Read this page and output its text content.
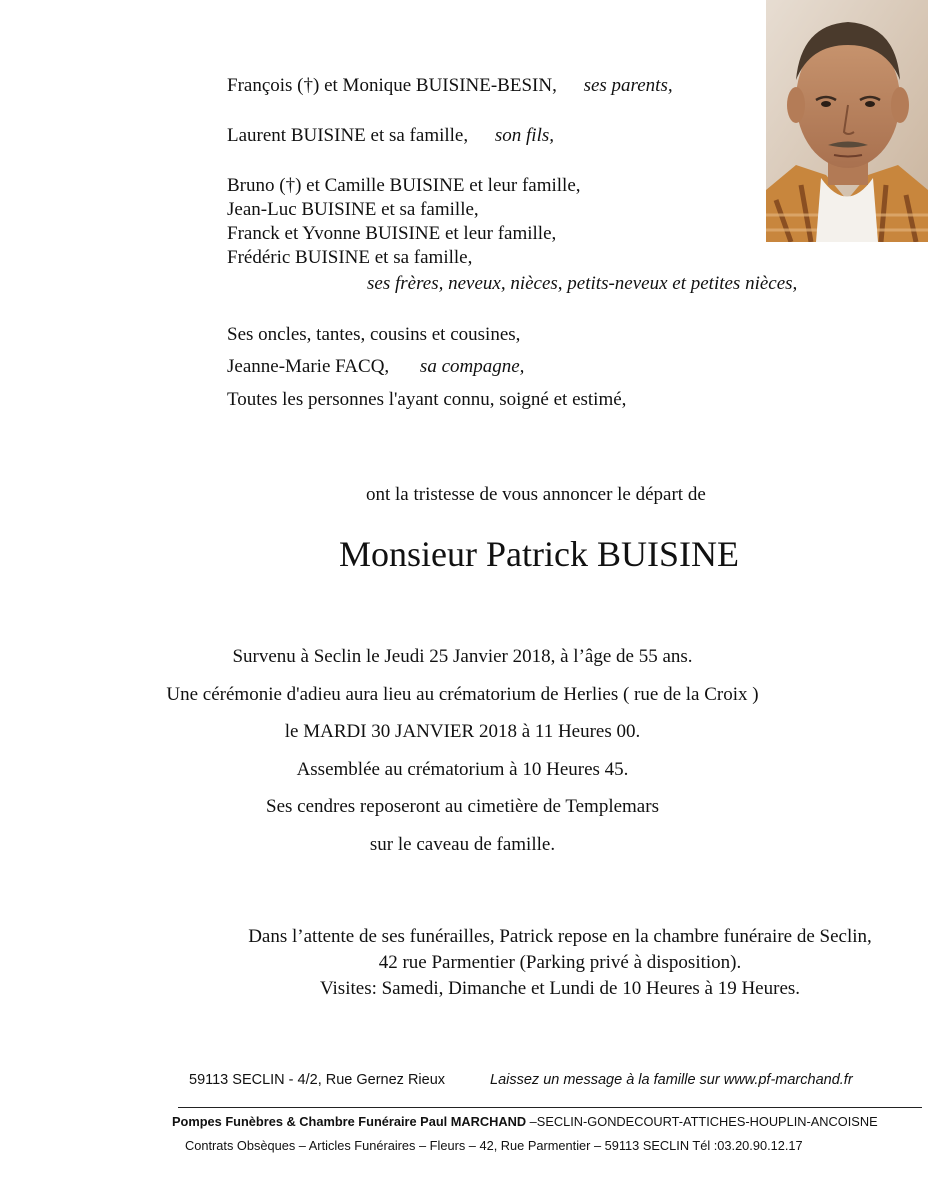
François (†) et Monique BUISINE-BESIN, ses parents,
Laurent BUISINE et sa famille, son fils,
Bruno (†) et Camille BUISINE et leur famille,
Jean-Luc BUISINE et sa famille,
Franck et Yvonne BUISINE et leur famille,
Frédéric BUISINE et sa famille,
ses frères, neveux, nièces, petits-neveux et petites nièces,
Ses oncles, tantes, cousins et cousines,
Jeanne-Marie FACQ, sa compagne,
Toutes les personnes l'ayant connu, soigné et estimé,
ont la tristesse de vous annoncer le départ de
Monsieur Patrick BUISINE
Survenu à Seclin le Jeudi 25 Janvier 2018, à l’âge de 55 ans.
Une cérémonie d'adieu aura lieu au crématorium de Herlies ( rue de la Croix )
le MARDI 30 JANVIER 2018 à 11 Heures 00.
Assemblée au crématorium à 10 Heures 45.
Ses cendres reposeront au cimetière de Templemars
sur le caveau de famille.
Dans l’attente de ses funérailles, Patrick repose en la chambre funéraire de Seclin,
42 rue Parmentier (Parking privé à disposition).
Visites: Samedi, Dimanche et Lundi de 10 Heures à 19 Heures.
59113 SECLIN - 4/2, Rue Gernez Rieux	Laissez un message à la famille sur www.pf-marchand.fr
Pompes Funèbres & Chambre Funéraire Paul MARCHAND –SECLIN-GONDECOURT-ATTICHES-HOUPLIN-ANCOISNE
Contrats Obsèques – Articles Funéraires – Fleurs – 42, Rue Parmentier – 59113 SECLIN Tél :03.20.90.12.17
